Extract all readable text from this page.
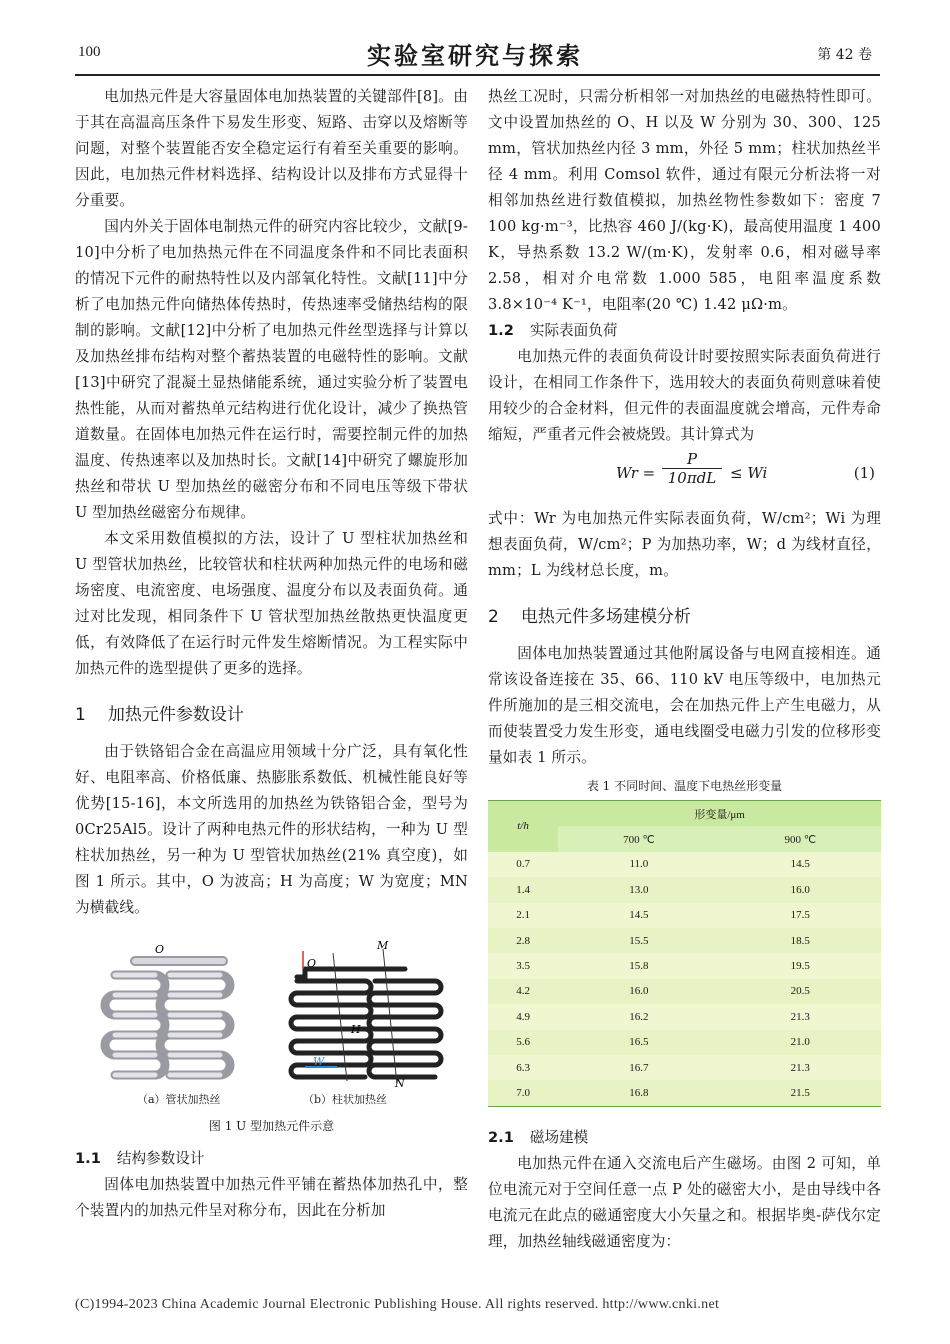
100	实验室研究与探索	第 42 卷

电加热元件是大容量固体电加热装置的关键部件[8]。由于其在高温高压条件下易发生形变、短路、击穿以及熔断等问题，对整个装置能否安全稳定运行有着至关重要的影响。因此，电加热元件材料选择、结构设计以及排布方式显得十分重要。

国内外关于固体电制热元件的研究内容比较少，文献[9-10]中分析了电加热热元件在不同温度条件和不同比表面积的情况下元件的耐热特性以及内部氧化特性。文献[11]中分析了电加热元件向储热体传热时，传热速率受储热结构的限制的影响。文献[12]中分析了电加热元件丝型选择与计算以及加热丝排布结构对整个蓄热装置的电磁特性的影响。文献[13]中研究了混凝土显热储能系统，通过实验分析了装置电热性能，从而对蓄热单元结构进行优化设计，减少了换热管道数量。在固体电加热元件在运行时，需要控制元件的加热温度、传热速率以及加热时长。文献[14]中研究了螺旋形加热丝和带状 U 型加热丝的磁密分布和不同电压等级下带状 U 型加热丝磁密分布规律。

本文采用数值模拟的方法，设计了 U 型柱状加热丝和 U 型管状加热丝，比较管状和柱状两种加热元件的电场和磁场密度、电流密度、电场强度、温度分布以及表面负荷。通过对比发现，相同条件下 U 管状型加热丝散热更快温度更低，有效降低了在运行时元件发生熔断情况。为工程实际中加热元件的选型提供了更多的选择。

1 加热元件参数设计

由于铁铬铝合金在高温应用领域十分广泛，具有氧化性好、电阻率高、价格低廉、热膨胀系数低、机械性能良好等优势[15-16]，本文所选用的加热丝为铁铬铝合金，型号为 0Cr25Al5。设计了两种电热元件的形状结构，一种为 U 型柱状加热丝，另一种为 U 型管状加热丝(21% 真空度)，如图 1 所示。其中，O 为波高；H 为高度；W 为宽度；MN 为横截线。

O	M
N
O
H
W
（a）管状加热丝	（b）柱状加热丝
图 1 U 型加热元件示意
1.1 结构参数设计

固体电加热装置中加热元件平铺在蓄热体加热孔中，整个装置内的加热元件呈对称分布，因此在分析加

热丝工况时，只需分析相邻一对加热丝的电磁热特性即可。文中设置加热丝的 O、H 以及 W 分别为 30、300、125 mm，管状加热丝内径 3 mm，外径 5 mm；柱状加热丝半径 4 mm。利用 Comsol 软件，通过有限元分析法将一对相邻加热丝进行数值模拟，加热丝物性参数如下：密度 7 100 kg·m⁻³，比热容 460 J/(kg·K)，最高使用温度 1 400 K，导热系数 13.2 W/(m·K)，发射率 0.6，相对磁导率 2.58，相对介电常数 1.000 585，电阻率温度系数 3.8×10⁻⁴ K⁻¹，电阻率(20 ℃) 1.42 μΩ·m。

1.2 实际表面负荷

电加热元件的表面负荷设计时要按照实际表面负荷进行设计，在相同工作条件下，选用较大的表面负荷则意味着使用较少的合金材料，但元件的表面温度就会增高，元件寿命缩短，严重者元件会被烧毁。其计算式为

Wr =
P
10πdL ≤ Wi	(1)

式中：Wr 为电加热元件实际表面负荷，W/cm²；Wi 为理想表面负荷，W/cm²；P 为加热功率，W；d 为线材直径，mm；L 为线材总长度，m。

2 电热元件多场建模分析

固体电加热装置通过其他附属设备与电网直接相连。通常该设备连接在 35、66、110 kV 电压等级中，电加热元件所施加的是三相交流电，会在加热元件上产生电磁力，从而使装置受力发生形变，通电线圈受电磁力引发的位移形变量如表 1 所示。

表 1 不同时间、温度下电热丝形变量
t/h	形变量/μm	
	700 ℃	900 ℃
0.7	11.0	14.5
1.4	13.0	16.0
2.1	14.5	17.5
2.8	15.5	18.5
3.5	15.8	19.5
4.2	16.0	20.5
4.9	16.2	21.3
5.6	16.5	21.0
6.3	16.7	21.3
7.0	16.8	21.5
2.1 磁场建模

电加热元件在通入交流电后产生磁场。由图 2 可知，单位电流元对于空间任意一点 P 处的磁密大小，是由导线中各电流元在此点的磁通密度大小矢量之和。根据毕奥-萨伐尔定理，加热丝轴线磁通密度为：

(C)1994-2023 China Academic Journal Electronic Publishing House. All rights reserved. http://www.cnki.net
